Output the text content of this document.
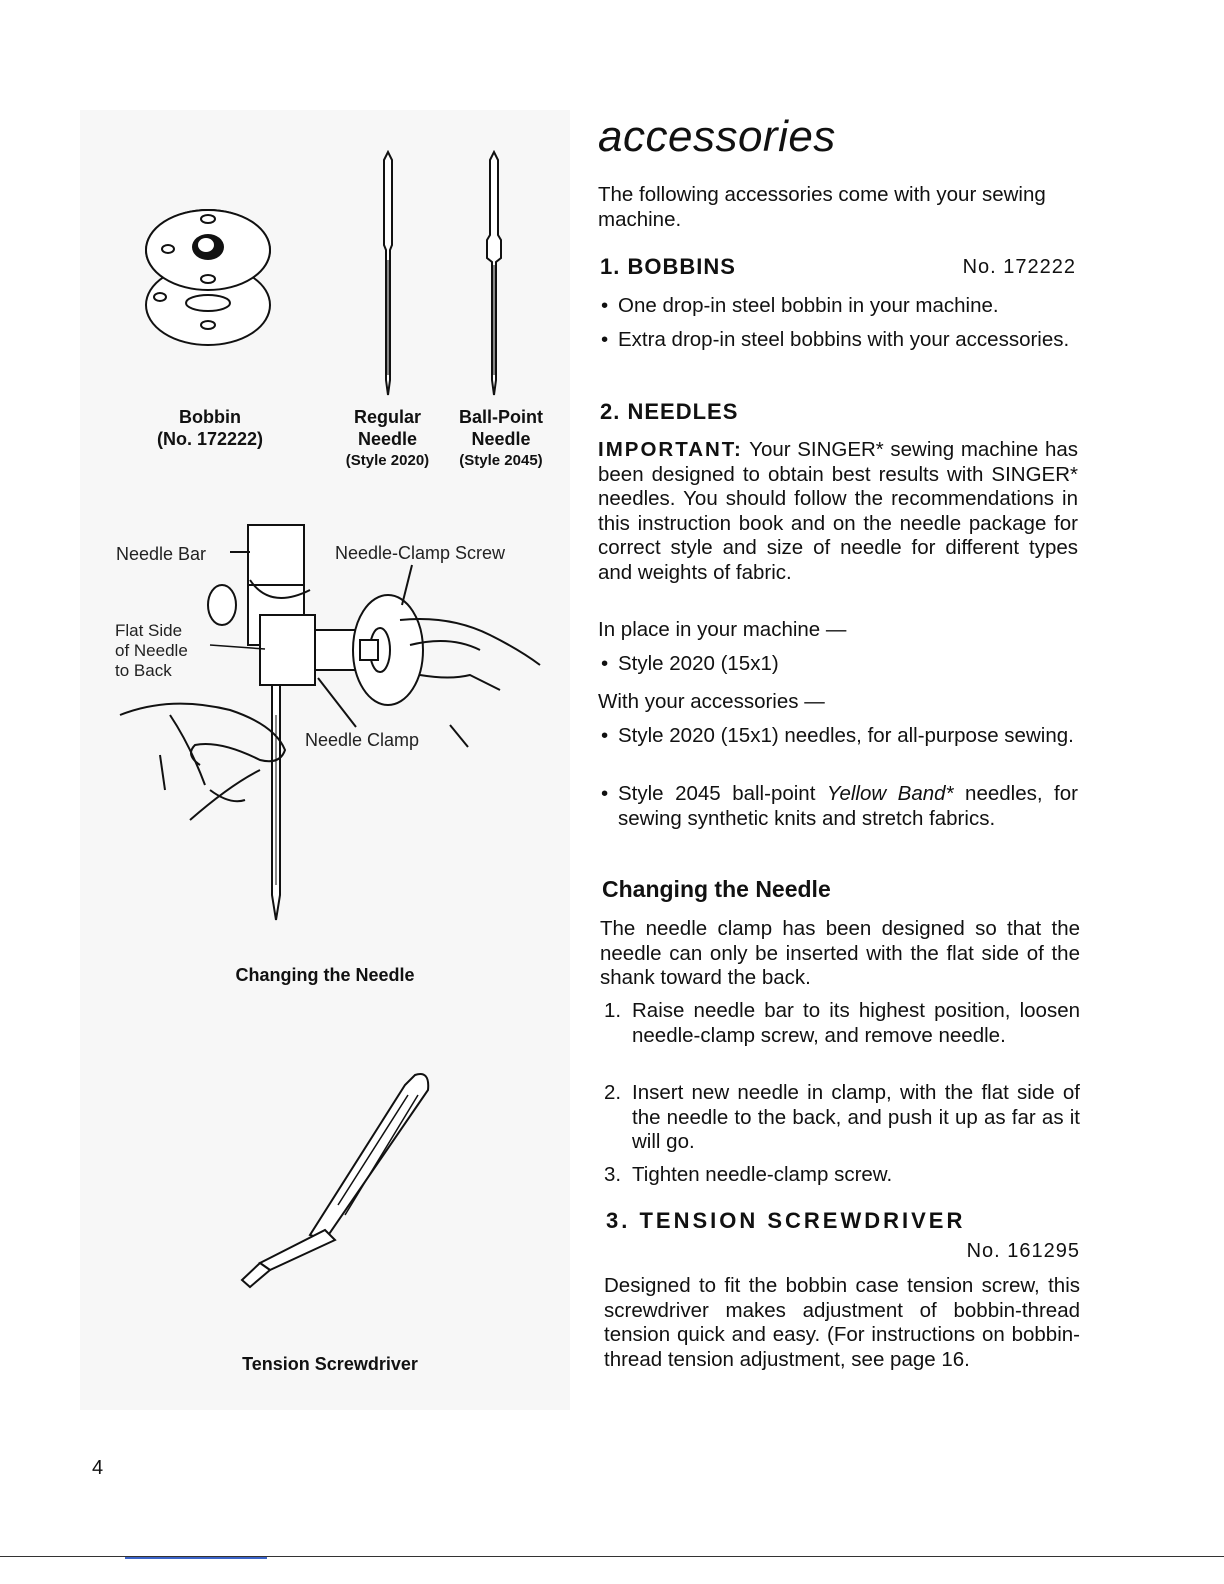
Bobbin
(No. 172222)
Regular
Needle
(Style 2020)
Ball-Point
Needle
(Style 2045)
Needle Bar	Needle-Clamp Screw
Flat Side
of Needle
to Back
Needle Clamp
Changing the Needle
Tension Screwdriver
accessories
The following accessories come with your sewing machine.
1. BOBBINS	No. 172222
• One drop-in steel bobbin in your machine.
• Extra drop-in steel bobbins with your accessories.
2. NEEDLES
IMPORTANT: Your SINGER* sewing machine has been designed to obtain best results with SINGER* needles. You should follow the recommendations in this instruction book and on the needle package for correct style and size of needle for different types and weights of fabric.
In place in your machine —
• Style 2020 (15x1)
With your accessories —
• Style 2020 (15x1) needles, for all-purpose sewing.
• Style 2045 ball-point Yellow Band* needles, for sewing synthetic knits and stretch fabrics.
Changing the Needle
The needle clamp has been designed so that the needle can only be inserted with the flat side of the shank toward the back.
1. Raise needle bar to its highest position, loosen needle-clamp screw, and remove needle.
2. Insert new needle in clamp, with the flat side of the needle to the back, and push it up as far as it will go.
3. Tighten needle-clamp screw.
3. TENSION SCREWDRIVER
No. 161295
Designed to fit the bobbin case tension screw, this screwdriver makes adjustment of bobbin-thread tension quick and easy. (For instructions on bobbin-thread tension adjustment, see page 16.
4
